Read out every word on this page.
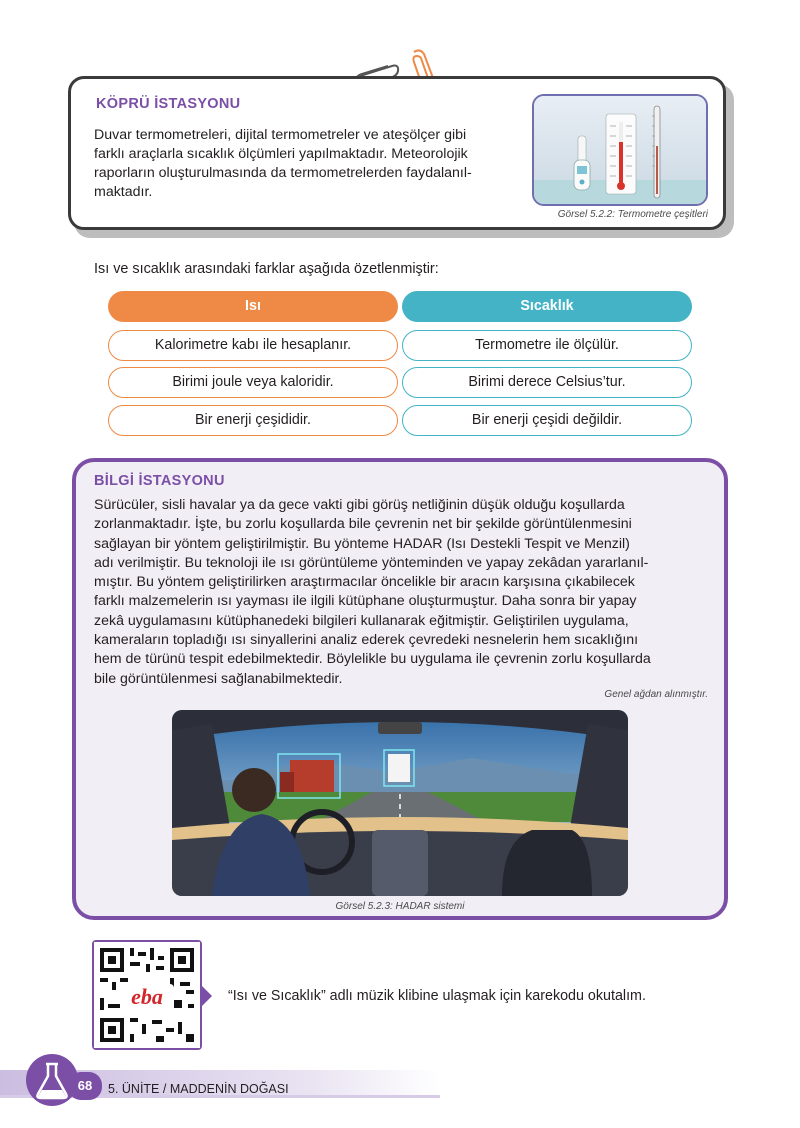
KÖPRÜ İSTASYONU
Duvar termometreleri, dijital termometreler ve ateşölçer gibi
farklı araçlarla sıcaklık ölçümleri yapılmaktadır. Meteorolojik
raporların oluşturulmasında da termometrelerden faydalanıl-
maktadır.
Görsel 5.2.2: Termometre çeşitleri
Isı ve sıcaklık arasındaki farklar aşağıda özetlenmiştir:
Isı	Sıcaklık
Kalorimetre kabı ile hesaplanır.	Termometre ile ölçülür.
Birimi joule veya kaloridir.	Birimi derece Celsius’tur.
Bir enerji çeşididir.	Bir enerji çeşidi değildir.
BİLGİ İSTASYONU
Sürücüler, sisli havalar ya da gece vakti gibi görüş netliğinin düşük olduğu koşullarda
zorlanmaktadır. İşte, bu zorlu koşullarda bile çevrenin net bir şekilde görüntülenmesini
sağlayan bir yöntem geliştirilmiştir. Bu yönteme HADAR (Isı Destekli Tespit ve Menzil)
adı verilmiştir. Bu teknoloji ile ısı görüntüleme yönteminden ve yapay zekâdan yararlanıl-
mıştır. Bu yöntem geliştirilirken araştırmacılar öncelikle bir aracın karşısına çıkabilecek
farklı malzemelerin ısı yayması ile ilgili kütüphane oluşturmuştur. Daha sonra bir yapay
zekâ uygulamasını kütüphanedeki bilgileri kullanarak eğitmiştir. Geliştirilen uygulama,
kameraların topladığı ısı sinyallerini analiz ederek çevredeki nesnelerin hem sıcaklığını
hem de türünü tespit edebilmektedir. Böylelikle bu uygulama ile çevrenin zorlu koşullarda
bile görüntülenmesi sağlanabilmektedir.
Genel ağdan alınmıştır.
Görsel 5.2.3: HADAR sistemi
eba	“Isı ve Sıcaklık” adlı müzik klibine ulaşmak için karekodu okutalım.
68	5. ÜNİTE / MADDENİN DOĞASI
